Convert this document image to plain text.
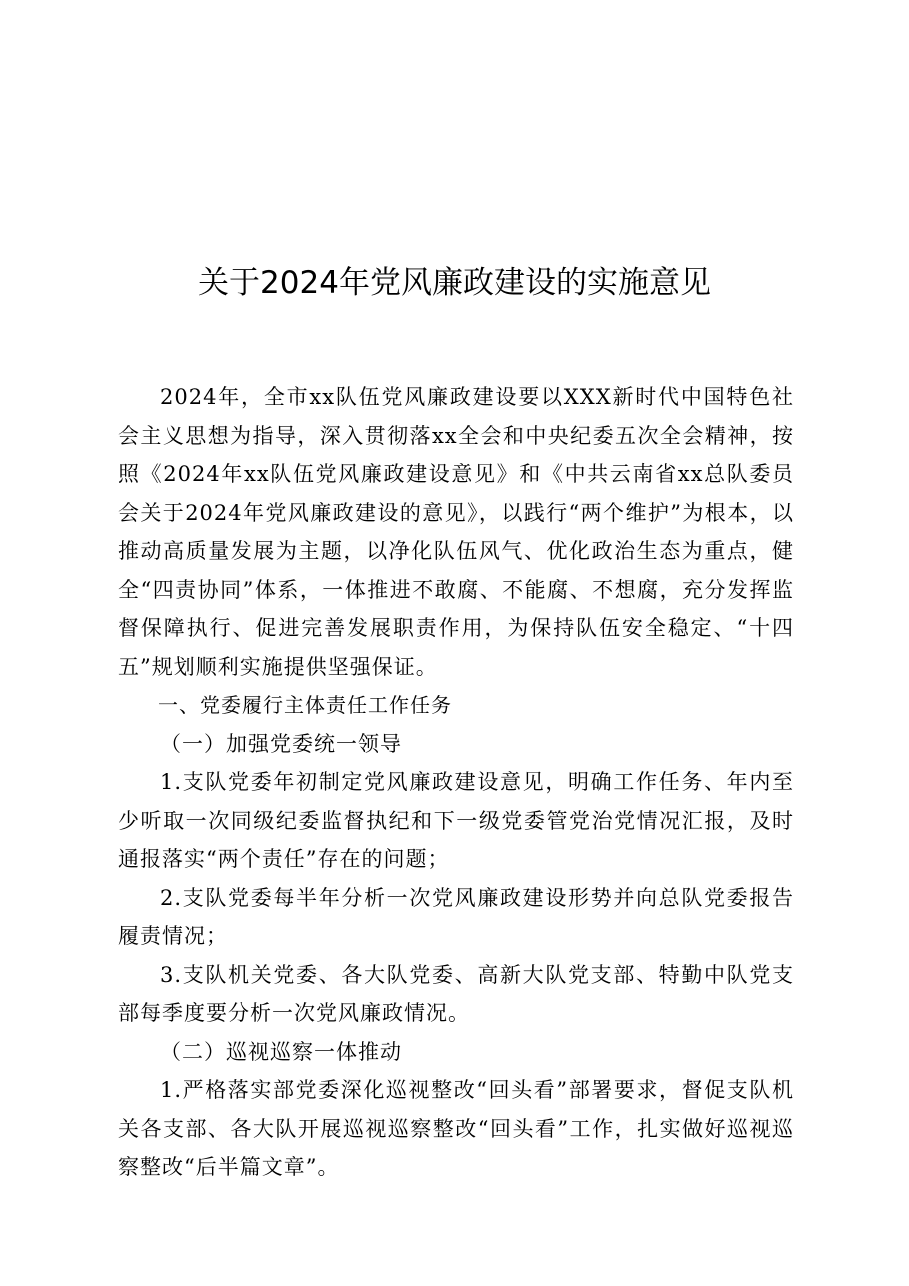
关于2024年党风廉政建设的实施意见

2024年，全市xx队伍党风廉政建设要以XXX新时代中国特色社会主义思想为指导，深入贯彻落xx全会和中央纪委五次全会精神，按照《2024年xx队伍党风廉政建设意见》和《中共云南省xx总队委员会关于2024年党风廉政建设的意见》，以践行“两个维护”为根本，以推动高质量发展为主题，以净化队伍风气、优化政治生态为重点，健全“四责协同”体系，一体推进不敢腐、不能腐、不想腐，充分发挥监督保障执行、促进完善发展职责作用，为保持队伍安全稳定、“十四五”规划顺利实施提供坚强保证。

一、党委履行主体责任工作任务

（一）加强党委统一领导

1.支队党委年初制定党风廉政建设意见，明确工作任务、年内至少听取一次同级纪委监督执纪和下一级党委管党治党情况汇报，及时通报落实“两个责任”存在的问题；

2.支队党委每半年分析一次党风廉政建设形势并向总队党委报告履责情况；

3.支队机关党委、各大队党委、高新大队党支部、特勤中队党支部每季度要分析一次党风廉政情况。

（二）巡视巡察一体推动

1.严格落实部党委深化巡视整改“回头看”部署要求，督促支队机关各支部、各大队开展巡视巡察整改“回头看”工作，扎实做好巡视巡察整改“后半篇文章”。
